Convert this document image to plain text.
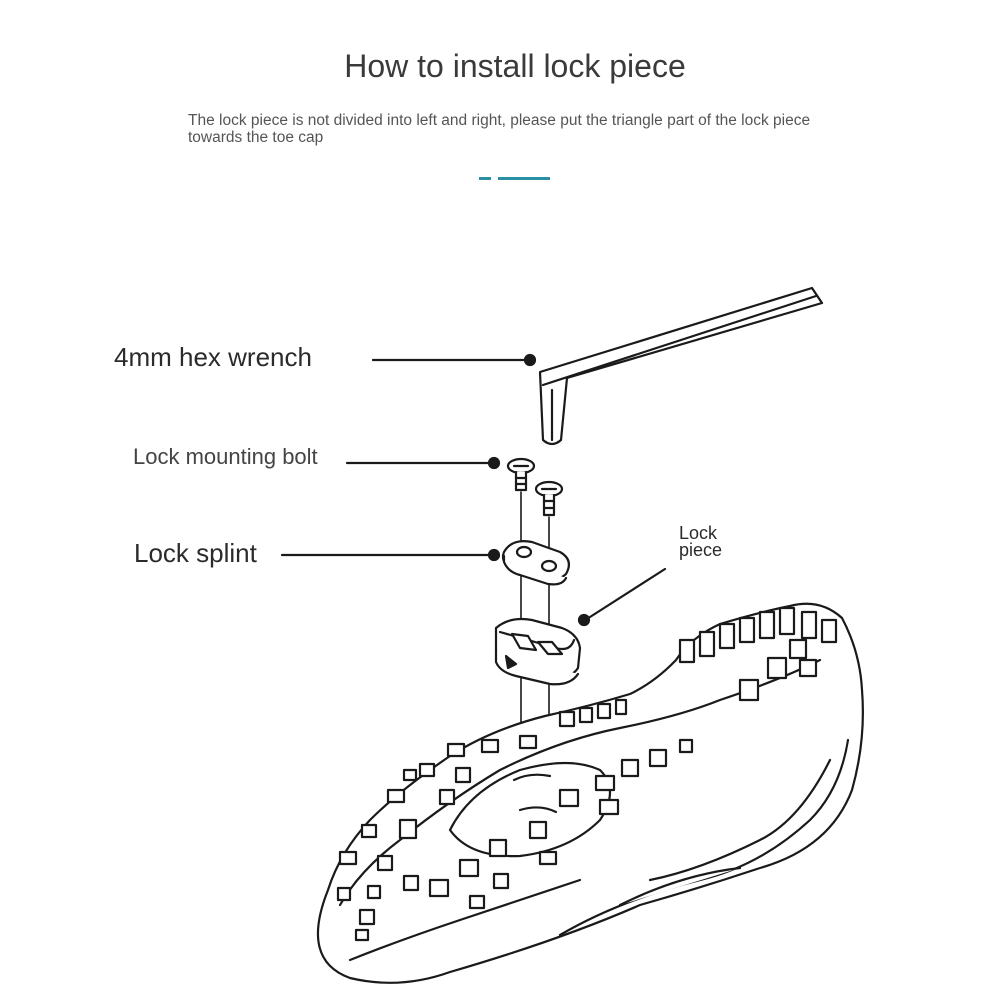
How to install lock piece
The lock piece is not divided into left and right, please put the triangle part of the lock piece towards the toe cap
4mm hex wrench
Lock mounting bolt
Lock splint
Lock
piece
